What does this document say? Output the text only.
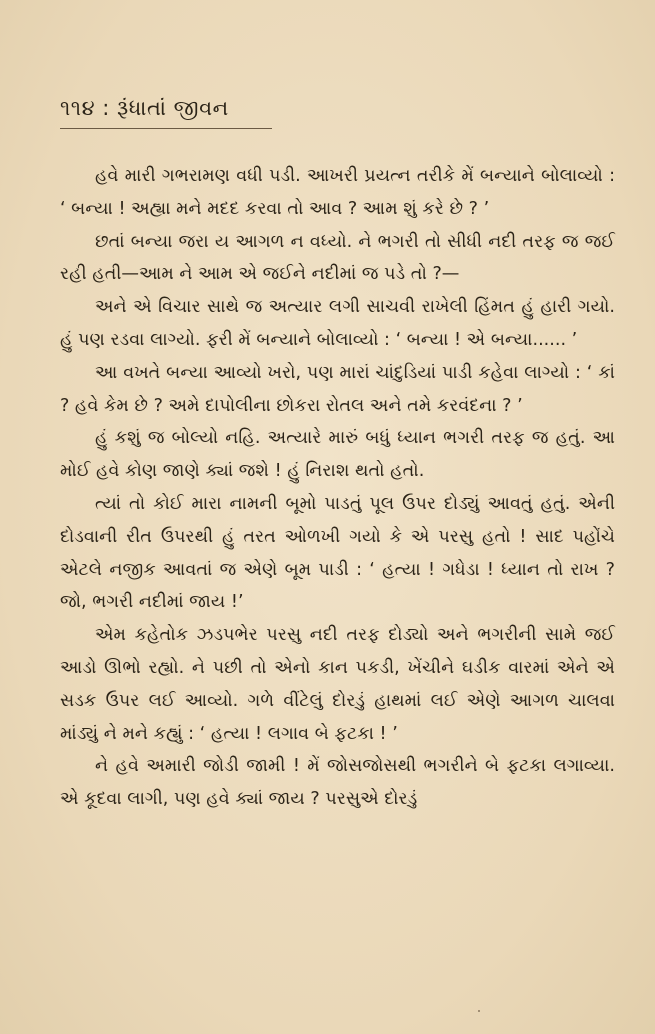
૧૧૪ : રૂંધાતાં જીવન

હવે મારી ગભરામણ વધી પડી. આખરી પ્રયત્ન તરીકે મેં બન્યાને બોલાવ્યો : ‘ બન્યા ! અહ્યા મને મદદ કરવા તો આવ ? આમ શું કરે છે ? ’

છતાં બન્યા જરા ય આગળ ન વધ્યો. ને ભગરી તો સીધી નદી તરફ જ જઈ રહી હતી—આમ ને આમ એ જઈને નદીમાં જ પડે તો ?—

અને એ વિચાર સાથે જ અત્યાર લગી સાચવી રાખેલી હિંમત હું હારી ગયો. હું પણ રડવા લાગ્યો. ફરી મેં બન્યાને બોલાવ્યો : ‘ બન્યા ! એ બન્યા...... ’

આ વખતે બન્યા આવ્યો ખરો, પણ મારાં ચાંદુડિયાં પાડી કહેવા લાગ્યો : ‘ કાં ? હવે કેમ છે ? અમે દાપોલીના છોકરા રોતલ અને તમે કરવંદના ? ’

હું કશું જ બોલ્યો નહિ. અત્યારે મારું બધું ધ્યાન ભગરી તરફ જ હતું. આ મોઈ હવે કોણ જાણે ક્યાં જશે ! હું નિરાશ થતો હતો.

ત્યાં તો કોઈ મારા નામની બૂમો પાડતું પૂલ ઉપર દોડ્યું આવતું હતું. એની દોડવાની રીત ઉપરથી હું તરત ઓળખી ગયો કે એ પરસુ હતો ! સાદ પહોંચે એટલે નજીક આવતાં જ એણે બૂમ પાડી : ‘ હત્યા ! ગધેડા ! ધ્યાન તો રાખ ? જો, ભગરી નદીમાં જાય !’

એમ કહેતોક ઝડપભેર પરસુ નદી તરફ દોડ્યો અને ભગરીની સામે જઈ આડો ઊભો રહ્યો. ને પછી તો એનો કાન પકડી, ખેંચીને ઘડીક વારમાં એને એ સડક ઉપર લઈ આવ્યો. ગળે વીંટેલું દોરડું હાથમાં લઈ એણે આગળ ચાલવા માંડ્યું ને મને કહ્યું : ‘ હત્યા ! લગાવ બે ફટકા ! ’

ને હવે અમારી જોડી જામી ! મેં જોસજોસથી ભગરીને બે ફટકા લગાવ્યા. એ કૂદવા લાગી, પણ હવે ક્યાં જાય ? પરસુએ દોરડું
